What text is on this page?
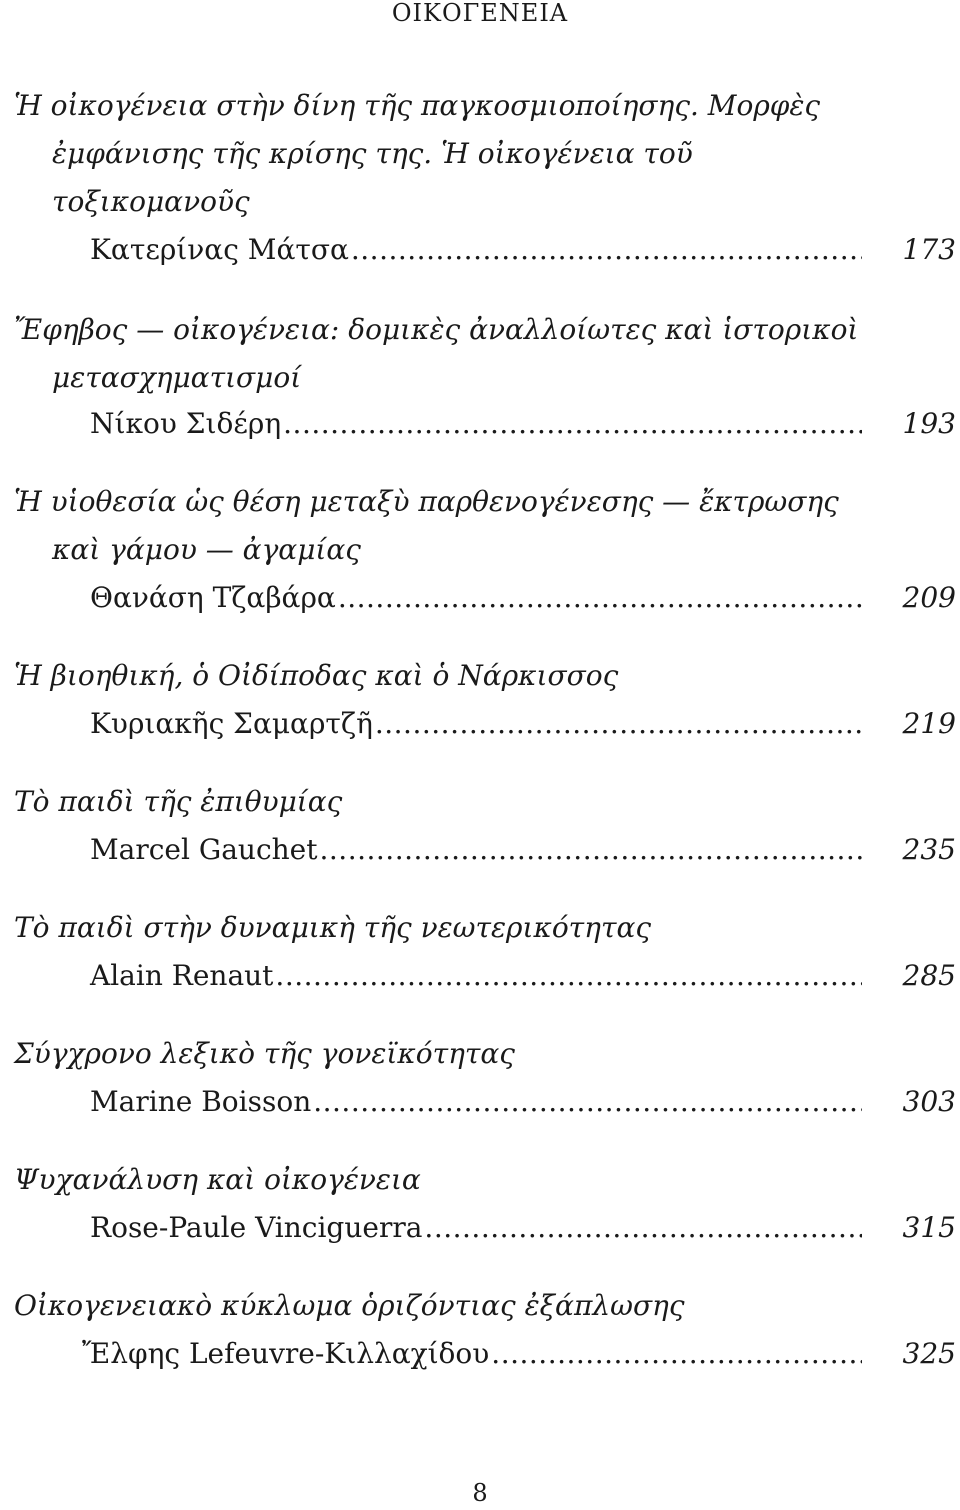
ΟΙΚΟΓΕΝΕΙΑ
Ἡ οἰκογένεια στὴν δίνη τῆς παγκοσμιοποίησης. Μορφὲς
ἐμφάνισης τῆς κρίσης της. Ἡ οἰκογένεια τοῦ
τοξικομανοῦς
Κατερίνας Μάτσα .....	173
Ἔφηβος — οἰκογένεια: δομικὲς ἀναλλοίωτες καὶ ἱστορικοὶ
μετασχηματισμοί
Νίκου Σιδέρη .....	193
Ἡ υἱοθεσία ὡς θέση μεταξὺ παρθενογένεσης — ἔκτρωσης
καὶ γάμου — ἀγαμίας
Θανάση Τζαβάρα .....	209
Ἡ βιοηθική, ὁ Οἰδίποδας καὶ ὁ Νάρκισσος
Κυριακῆς Σαμαρτζῆ .....	219
Τὸ παιδὶ τῆς ἐπιθυμίας
Marcel Gauchet .....	235
Τὸ παιδὶ στὴν δυναμικὴ τῆς νεωτερικότητας
Alain Renaut .....	285
Σύγχρονο λεξικὸ τῆς γονεϊκότητας
Marine Boisson .....	303
Ψυχανάλυση καὶ οἰκογένεια
Rose-Paule Vinciguerra .....	315
Οἰκογενειακὸ κύκλωμα ὁριζόντιας ἐξάπλωσης
Ἔλφης Lefeuvre-Κιλλαχίδου .....	325
8
